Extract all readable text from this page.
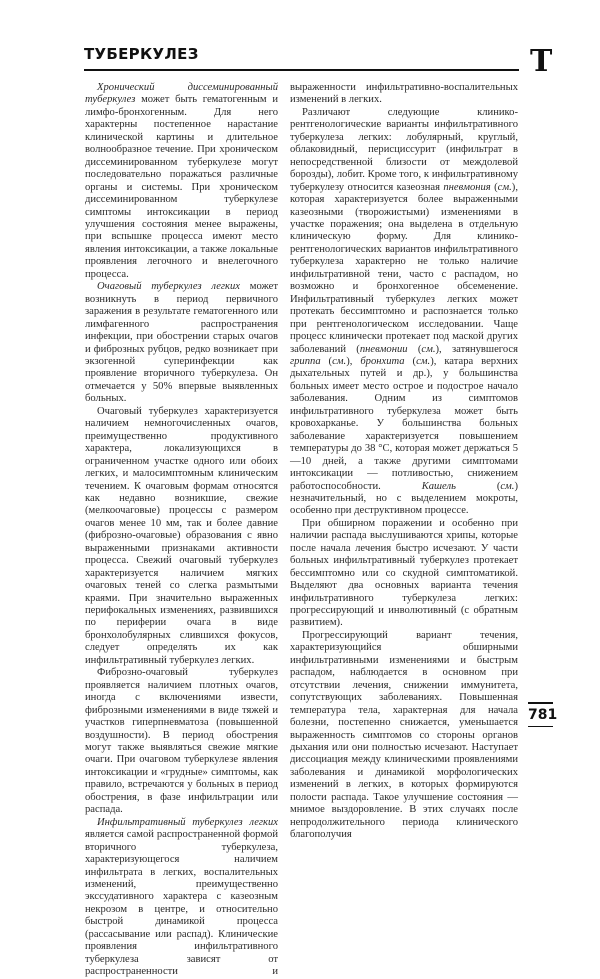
ТУБЕРКУЛЕЗ	Т

Хронический диссеминированный туберкулез может быть гематогенным и лимфо-бронхогенным. Для него характерны постепенное нарастание клинической картины и длительное волнообразное течение. При хроническом диссеминированном туберкулезе могут последовательно поражаться различные органы и системы. При хроническом диссеминированном туберкулезе симптомы интоксикации в период улучшения состояния менее выражены, при вспышке процесса имеют место явления интоксикации, а также локальные проявления легочного и внелегочного процесса.

Очаговый туберкулез легких может возникнуть в период первичного заражения в результате гематогенного или лимфагенного распространения инфекции, при обострении старых очагов и фиброзных рубцов, редко возникает при экзогенной суперинфекции как проявление вторичного туберкулеза. Он отмечается у 50% впервые выявленных больных.

Очаговый туберкулез характеризуется наличием немногочисленных очагов, преимущественно продуктивного характера, локализующихся в ограниченном участке одного или обоих легких, и малосимптомным клиническим течением. К очаговым формам относятся как недавно возникшие, свежие (мелкоочаговые) процессы с размером очагов менее 10 мм, так и более давние (фиброзно-очаговые) образования с явно выраженными признаками активности процесса. Свежий очаговый туберкулез характеризуется наличием мягких очаговых теней со слегка размытыми краями. При значительно выраженных перифокальных изменениях, развившихся по периферии очага в виде бронхолобулярных слившихся фокусов, следует определять их как инфильтративный туберкулез легких.

Фиброзно-очаговый туберкулез проявляется наличием плотных очагов, иногда с включениями извести, фиброзными изменениями в виде тяжей и участков гиперпневматоза (повышенной воздушности). В период обострения могут также выявляться свежие мягкие очаги. При очаговом туберкулезе явления интоксикации и «грудные» симптомы, как правило, встречаются у больных в период обострения, в фазе инфильтрации или распада.

Инфильтративный туберкулез легких является самой распространенной формой вторичного туберкулеза, характеризующегося наличием инфильтрата в легких, воспалительных изменений, преимущественно экссудативного характера с казеозным некрозом в центре, и относительно быстрой динамикой процесса (рассасывание или распад). Клинические проявления инфильтративного туберкулеза зависят от распространенности и

выраженности инфильтративно-воспалительных изменений в легких.

Различают следующие клинико-рентгенологические варианты инфильтративного туберкулеза легких: лобулярный, круглый, облаковидный, перисциссурит (инфильтрат в непосредственной близости от междолевой борозды), лобит. Кроме того, к инфильтративному туберкулезу относится казеозная пневмония (см.), которая характеризуется более выраженными казеозными (творожистыми) изменениями в участке поражения; она выделена в отдельную клиническую форму. Для клинико-рентгенологических вариантов инфильтративного туберкулеза характерно не только наличие инфильтративной тени, часто с распадом, но возможно и бронхогенное обсеменение. Инфильтративный туберкулез легких может протекать бессимптомно и распознается только при рентгенологическом исследовании. Чаще процесс клинически протекает под маской других заболеваний (пневмонии (см.), затянувшегося гриппа (см.), бронхита (см.), катара верхних дыхательных путей и др.), у большинства больных имеет место острое и подострое начало заболевания. Одним из симптомов инфильтративного туберкулеза может быть кровохарканье. У большинства больных заболевание характеризуется повышением температуры до 38 °С, которая может держаться 5—10 дней, а также другими симптомами интоксикации — потливостью, снижением работоспособности. Кашель (см.) незначительный, но с выделением мокроты, особенно при деструктивном процессе.

При обширном поражении и особенно при наличии распада выслушиваются хрипы, которые после начала лечения быстро исчезают. У части больных инфильтративный туберкулез протекает бессимптомно или со скудной симптоматикой. Выделяют два основных варианта течения инфильтративного туберкулеза легких: прогрессирующий и инволютивный (с обратным развитием).

Прогрессирующий вариант течения, характеризующийся обширными инфильтративными изменениями и быстрым распадом, наблюдается в основном при отсутствии лечения, снижении иммунитета, сопутствующих заболеваниях. Повышенная температура тела, характерная для начала болезни, постепенно снижается, уменьшается выраженность симптомов со стороны органов дыхания или они полностью исчезают. Наступает диссоциация между клиническими проявлениями заболевания и динамикой морфологических изменений в легких, в которых формируются полости распада. Такое улучшение состояния — мнимое выздоровление. В этих случаях после непродолжительного периода клинического благополучия

781
